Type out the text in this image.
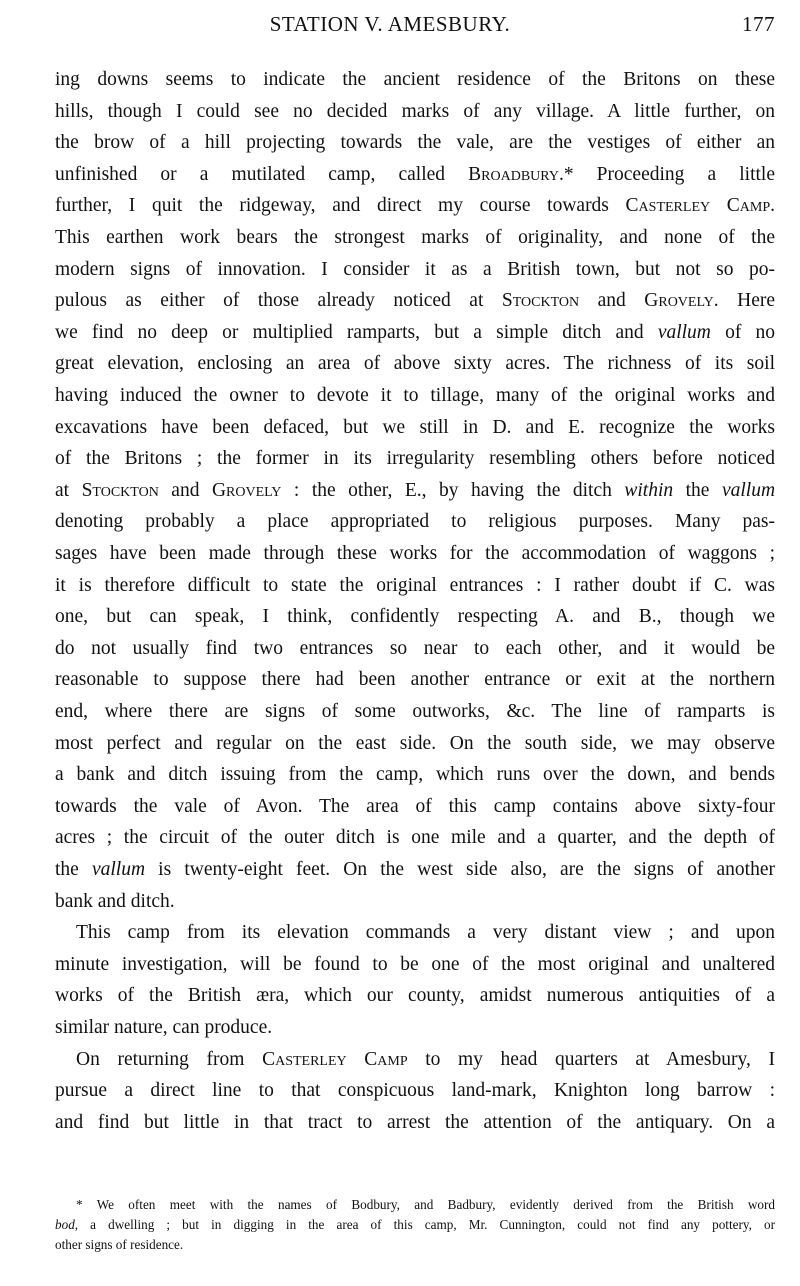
STATION V. AMESBURY.	177
ing downs seems to indicate the ancient residence of the Britons on these
hills, though I could see no decided marks of any village. A little further, on
the brow of a hill projecting towards the vale, are the vestiges of either an
unfinished or a mutilated camp, called Broadbury.* Proceeding a little
further, I quit the ridgeway, and direct my course towards Casterley Camp.
This earthen work bears the strongest marks of originality, and none of the
modern signs of innovation. I consider it as a British town, but not so po-
pulous as either of those already noticed at Stockton and Grovely. Here
we find no deep or multiplied ramparts, but a simple ditch and vallum of no
great elevation, enclosing an area of above sixty acres. The richness of its soil
having induced the owner to devote it to tillage, many of the original works and
excavations have been defaced, but we still in D. and E. recognize the works
of the Britons ; the former in its irregularity resembling others before noticed
at Stockton and Grovely : the other, E., by having the ditch within the vallum
denoting probably a place appropriated to religious purposes. Many pas-
sages have been made through these works for the accommodation of waggons ;
it is therefore difficult to state the original entrances : I rather doubt if C. was
one, but can speak, I think, confidently respecting A. and B., though we
do not usually find two entrances so near to each other, and it would be
reasonable to suppose there had been another entrance or exit at the northern
end, where there are signs of some outworks, &c. The line of ramparts is
most perfect and regular on the east side. On the south side, we may observe
a bank and ditch issuing from the camp, which runs over the down, and bends
towards the vale of Avon. The area of this camp contains above sixty-four
acres ; the circuit of the outer ditch is one mile and a quarter, and the depth of
the vallum is twenty-eight feet. On the west side also, are the signs of another
bank and ditch.
This camp from its elevation commands a very distant view ; and upon
minute investigation, will be found to be one of the most original and unaltered
works of the British æra, which our county, amidst numerous antiquities of a
similar nature, can produce.
On returning from Casterley Camp to my head quarters at Amesbury, I
pursue a direct line to that conspicuous land-mark, Knighton long barrow :
and find but little in that tract to arrest the attention of the antiquary. On a
* We often meet with the names of Bodbury, and Badbury, evidently derived from the British word
bod, a dwelling ; but in digging in the area of this camp, Mr. Cunnington, could not find any pottery, or
other signs of residence.
